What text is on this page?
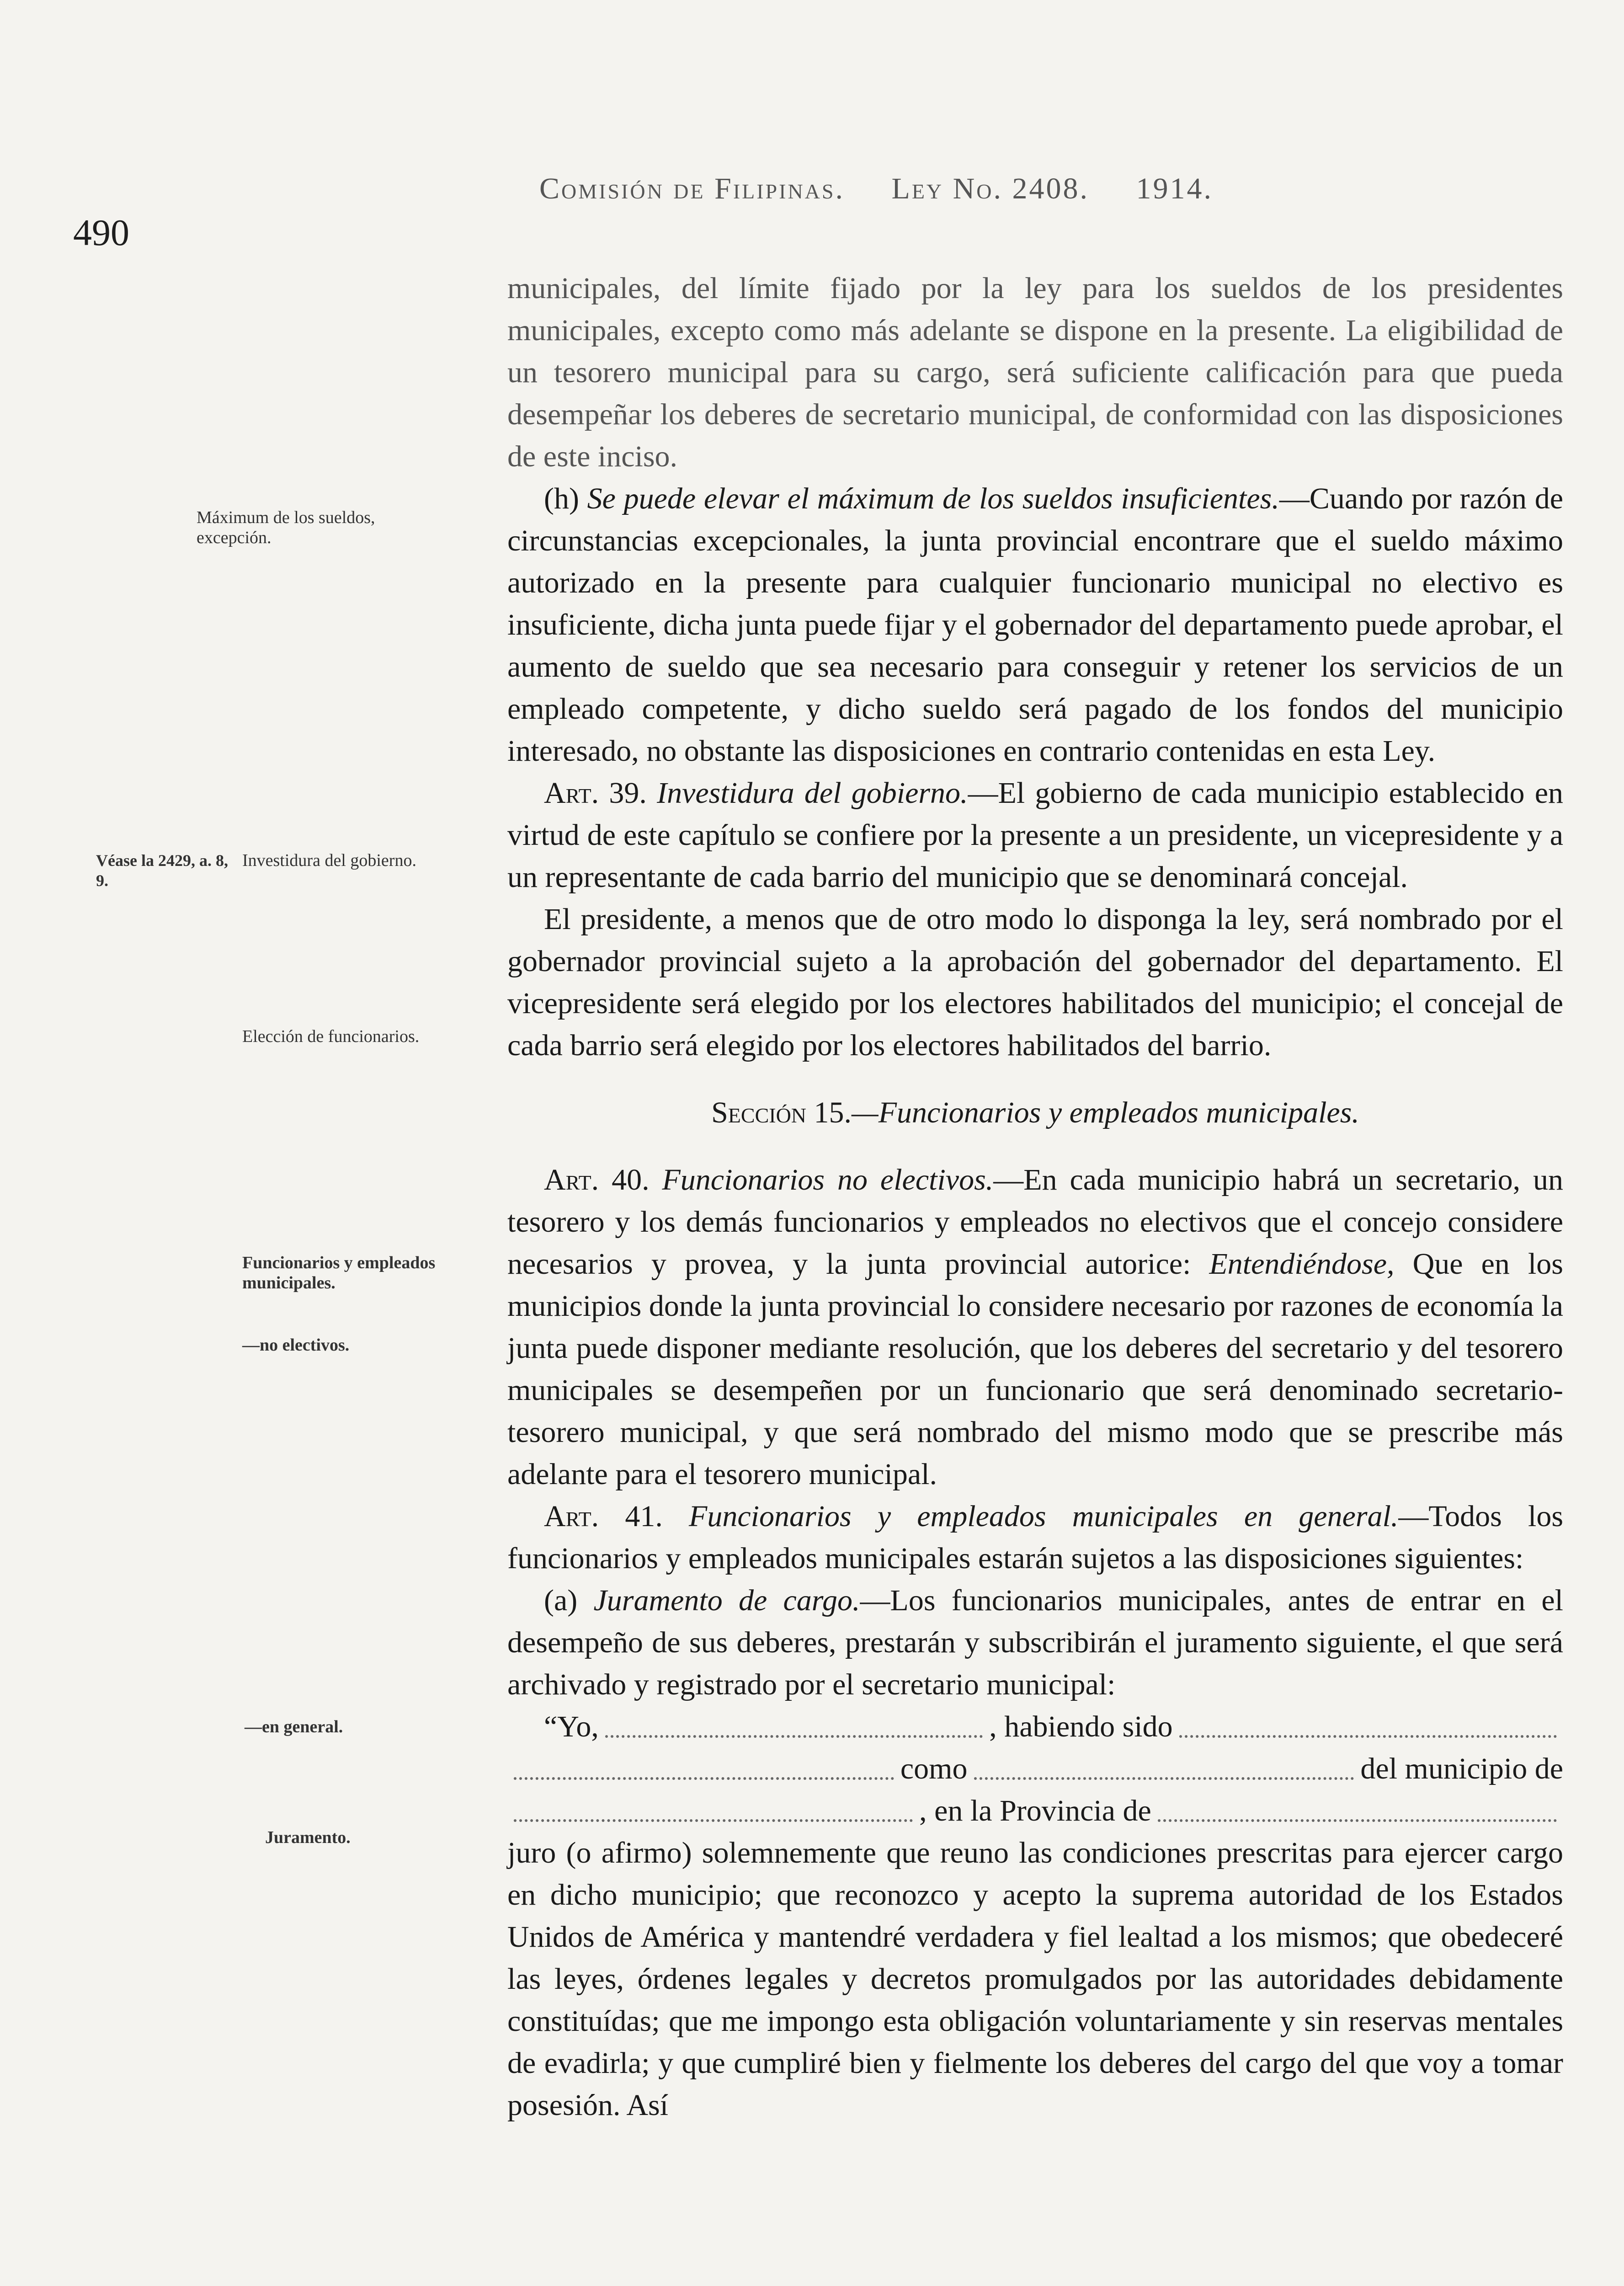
490
Comisión de Filipinas. Ley No. 2408. 1914.
Máximum de los sueldos, excepción.
Véase la 2429, a. 8, 9.
Investidura del gobierno.
Elección de funcionarios.
Funcionarios y empleados municipales.
—no electivos.
—en general.
Juramento.

municipales, del límite fijado por la ley para los sueldos de los presidentes municipales, excepto como más adelante se dispone en la presente. La eligibilidad de un tesorero municipal para su cargo, será suficiente calificación para que pueda desempeñar los deberes de secretario municipal, de conformidad con las disposiciones de este inciso.

(h) Se puede elevar el máximum de los sueldos insuficientes.—Cuando por razón de circunstancias excepcionales, la junta provincial encontrare que el sueldo máximo autorizado en la presente para cualquier funcionario municipal no electivo es insuficiente, dicha junta puede fijar y el gobernador del departamento puede aprobar, el aumento de sueldo que sea necesario para conseguir y retener los servicios de un empleado competente, y dicho sueldo será pagado de los fondos del municipio interesado, no obstante las disposiciones en contrario contenidas en esta Ley.

Art. 39. Investidura del gobierno.—El gobierno de cada municipio establecido en virtud de este capítulo se confiere por la presente a un presidente, un vicepresidente y a un representante de cada barrio del municipio que se denominará concejal.

El presidente, a menos que de otro modo lo disponga la ley, será nombrado por el gobernador provincial sujeto a la aprobación del gobernador del departamento. El vicepresidente será elegido por los electores habilitados del municipio; el concejal de cada barrio será elegido por los electores habilitados del barrio.

Sección 15.—Funcionarios y empleados municipales.

Art. 40. Funcionarios no electivos.—En cada municipio habrá un secretario, un tesorero y los demás funcionarios y empleados no electivos que el concejo considere necesarios y provea, y la junta provincial autorice: Entendiéndose, Que en los municipios donde la junta provincial lo considere necesario por razones de economía la junta puede disponer mediante resolución, que los deberes del secretario y del tesorero municipales se desempeñen por un funcionario que será denominado secretario-tesorero municipal, y que será nombrado del mismo modo que se prescribe más adelante para el tesorero municipal.

Art. 41. Funcionarios y empleados municipales en general.—Todos los funcionarios y empleados municipales estarán sujetos a las disposiciones siguientes:

(a) Juramento de cargo.—Los funcionarios municipales, antes de entrar en el desempeño de sus deberes, prestarán y subscribirán el juramento siguiente, el que será archivado y registrado por el secretario municipal:

“Yo,	, habiendo sido
como	del municipio de
, en la Provincia de

juro (o afirmo) solemnemente que reuno las condiciones prescritas para ejercer cargo en dicho municipio; que reconozco y acepto la suprema autoridad de los Estados Unidos de América y mantendré verdadera y fiel lealtad a los mismos; que obedeceré las leyes, órdenes legales y decretos promulgados por las autoridades debidamente constituídas; que me impongo esta obligación voluntariamente y sin reservas mentales de evadirla; y que cumpliré bien y fielmente los deberes del cargo del que voy a tomar posesión. Así
